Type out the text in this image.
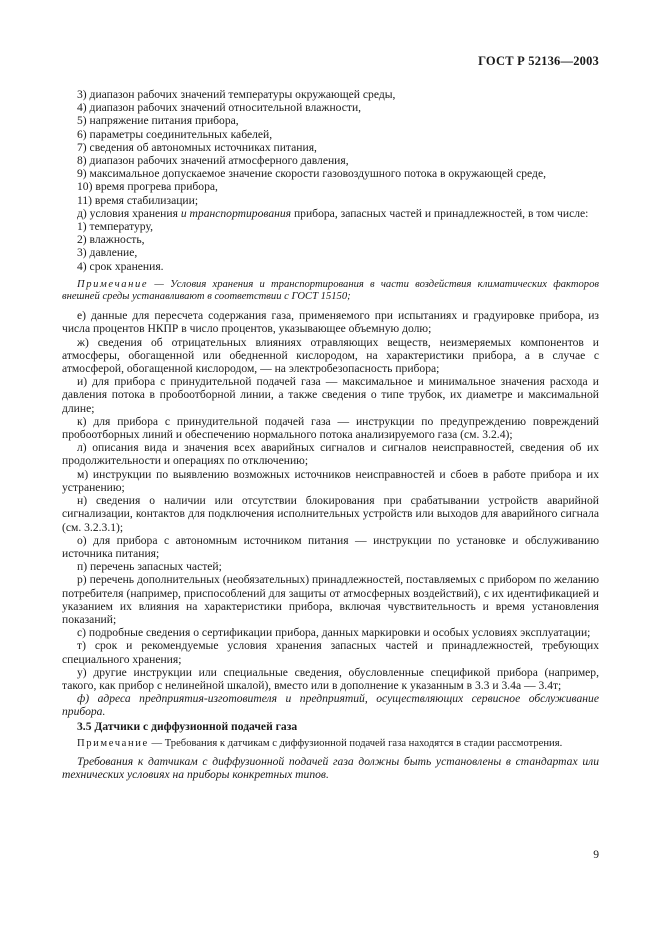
ГОСТ Р 52136—2003
3) диапазон рабочих значений температуры окружающей среды,
4) диапазон рабочих значений относительной влажности,
5) напряжение питания прибора,
6) параметры соединительных кабелей,
7) сведения об автономных источниках питания,
8) диапазон рабочих значений атмосферного давления,
9) максимальное допускаемое значение скорости газовоздушного потока в окружающей среде,
10) время прогрева прибора,
11) время стабилизации;
д) условия хранения и транспортирования прибора, запасных частей и принадлежностей, в том числе:
1) температуру,
2) влажность,
3) давление,
4) срок хранения.
Примечание — Условия хранения и транспортирования в части воздействия климатических факторов внешней среды устанавливают в соответствии с ГОСТ 15150;
е) данные для пересчета содержания газа, применяемого при испытаниях и градуировке прибора, из числа процентов НКПР в число процентов, указывающее объемную долю;
ж) сведения об отрицательных влияниях отравляющих веществ, неизмеряемых компонентов и атмосферы, обогащенной или обедненной кислородом, на характеристики прибора, а в случае с атмосферой, обогащенной кислородом, — на электробезопасность прибора;
и) для прибора с принудительной подачей газа — максимальное и минимальное значения расхода и давления потока в пробоотборной линии, а также сведения о типе трубок, их диаметре и максимальной длине;
к) для прибора с принудительной подачей газа — инструкции по предупреждению повреждений пробоотборных линий и обеспечению нормального потока анализируемого газа (см. 3.2.4);
л) описания вида и значения всех аварийных сигналов и сигналов неисправностей, сведения об их продолжительности и операциях по отключению;
м) инструкции по выявлению возможных источников неисправностей и сбоев в работе прибора и их устранению;
н) сведения о наличии или отсутствии блокирования при срабатывании устройств аварийной сигнализации, контактов для подключения исполнительных устройств или выходов для аварийного сигнала (см. 3.2.3.1);
о) для прибора с автономным источником питания — инструкции по установке и обслуживанию источника питания;
п) перечень запасных частей;
р) перечень дополнительных (необязательных) принадлежностей, поставляемых с прибором по желанию потребителя (например, приспособлений для защиты от атмосферных воздействий), с их идентификацией и указанием их влияния на характеристики прибора, включая чувствительность и время установления показаний;
с) подробные сведения о сертификации прибора, данных маркировки и особых условиях эксплуатации;
т) срок и рекомендуемые условия хранения запасных частей и принадлежностей, требующих специального хранения;
у) другие инструкции или специальные сведения, обусловленные спецификой прибора (например, такого, как прибор с нелинейной шкалой), вместо или в дополнение к указанным в 3.3 и 3.4а — 3.4т;
ф) адреса предприятия-изготовителя и предприятий, осуществляющих сервисное обслуживание прибора.
3.5 Датчики с диффузионной подачей газа
Примечание — Требования к датчикам с диффузионной подачей газа находятся в стадии рассмотрения.
Требования к датчикам с диффузионной подачей газа должны быть установлены в стандартах или технических условиях на приборы конкретных типов.
9
